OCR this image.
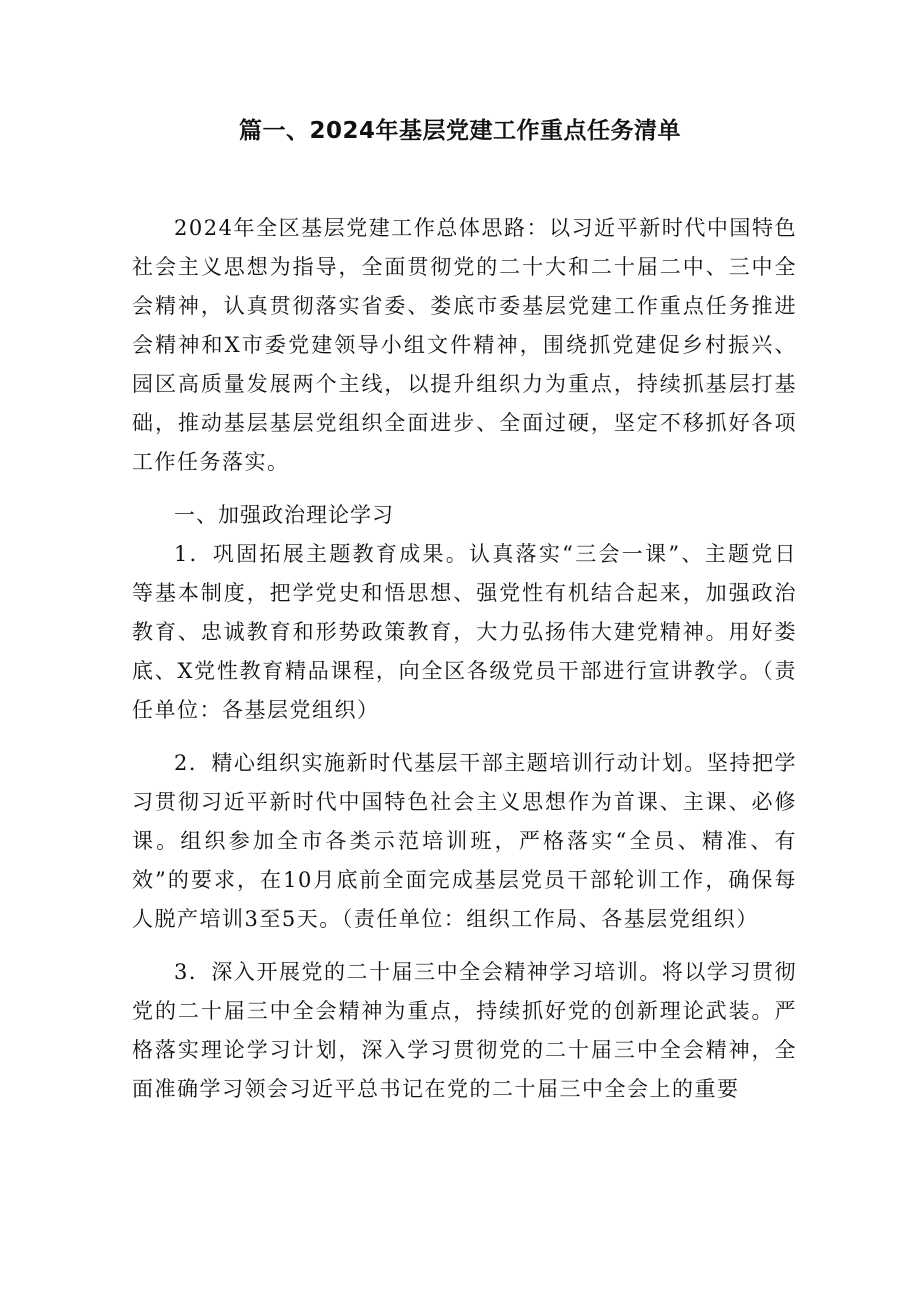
篇一、2024年基层党建工作重点任务清单

2024年全区基层党建工作总体思路：以习近平新时代中国特色社会主义思想为指导，全面贯彻党的二十大和二十届二中、三中全会精神，认真贯彻落实省委、娄底市委基层党建工作重点任务推进会精神和X市委党建领导小组文件精神，围绕抓党建促乡村振兴、园区高质量发展两个主线，以提升组织力为重点，持续抓基层打基础，推动基层基层党组织全面进步、全面过硬，坚定不移抓好各项工作任务落实。

一、加强政治理论学习

1．巩固拓展主题教育成果。认真落实“三会一课”、主题党日等基本制度，把学党史和悟思想、强党性有机结合起来，加强政治教育、忠诚教育和形势政策教育，大力弘扬伟大建党精神。用好娄底、X党性教育精品课程，向全区各级党员干部进行宣讲教学。（责任单位：各基层党组织）

2．精心组织实施新时代基层干部主题培训行动计划。坚持把学习贯彻习近平新时代中国特色社会主义思想作为首课、主课、必修课。组织参加全市各类示范培训班，严格落实“全员、精准、有效”的要求，在10月底前全面完成基层党员干部轮训工作，确保每人脱产培训3至5天。（责任单位：组织工作局、各基层党组织）

3．深入开展党的二十届三中全会精神学习培训。将以学习贯彻党的二十届三中全会精神为重点，持续抓好党的创新理论武装。严格落实理论学习计划，深入学习贯彻党的二十届三中全会精神，全面准确学习领会习近平总书记在党的二十届三中全会上的重要
